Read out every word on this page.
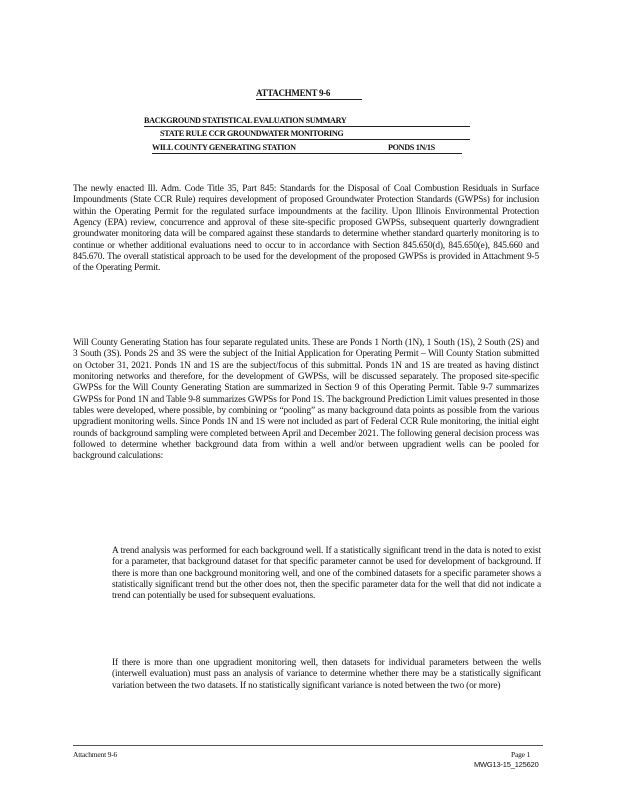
ATTACHMENT 9-6
BACKGROUND STATISTICAL EVALUATION SUMMARY
STATE RULE CCR GROUNDWATER MONITORING
WILL COUNTY GENERATING STATION	PONDS 1N/1S
The newly enacted Ill. Adm. Code Title 35, Part 845: Standards for the Disposal of Coal Combustion Residuals in Surface Impoundments (State CCR Rule) requires development of proposed Groundwater Protection Standards (GWPSs) for inclusion within the Operating Permit for the regulated surface impoundments at the facility. Upon Illinois Environmental Protection Agency (EPA) review, concurrence and approval of these site-specific proposed GWPSs, subsequent quarterly downgradient groundwater monitoring data will be compared against these standards to determine whether standard quarterly monitoring is to continue or whether additional evaluations need to occur to in accordance with Section 845.650(d), 845.650(e), 845.660 and 845.670. The overall statistical approach to be used for the development of the proposed GWPSs is provided in Attachment 9-5 of the Operating Permit.
Will County Generating Station has four separate regulated units. These are Ponds 1 North (1N), 1 South (1S), 2 South (2S) and 3 South (3S). Ponds 2S and 3S were the subject of the Initial Application for Operating Permit – Will County Station submitted on October 31, 2021. Ponds 1N and 1S are the subject/focus of this submittal. Ponds 1N and 1S are treated as having distinct monitoring networks and therefore, for the development of GWPSs, will be discussed separately. The proposed site-specific GWPSs for the Will County Generating Station are summarized in Section 9 of this Operating Permit. Table 9-7 summarizes GWPSs for Pond 1N and Table 9-8 summarizes GWPSs for Pond 1S. The background Prediction Limit values presented in those tables were developed, where possible, by combining or “pooling” as many background data points as possible from the various upgradient monitoring wells. Since Ponds 1N and 1S were not included as part of Federal CCR Rule monitoring, the initial eight rounds of background sampling were completed between April and December 2021. The following general decision process was followed to determine whether background data from within a well and/or between upgradient wells can be pooled for background calculations:
A trend analysis was performed for each background well. If a statistically significant trend in the data is noted to exist for a parameter, that background dataset for that specific parameter cannot be used for development of background. If there is more than one background monitoring well, and one of the combined datasets for a specific parameter shows a statistically significant trend but the other does not, then the specific parameter data for the well that did not indicate a trend can potentially be used for subsequent evaluations.
If there is more than one upgradient monitoring well, then datasets for individual parameters between the wells (interwell evaluation) must pass an analysis of variance to determine whether there may be a statistically significant variation between the two datasets. If no statistically significant variance is noted between the two (or more)
Attachment 9-6	Page 1
MWG13-15_125620
